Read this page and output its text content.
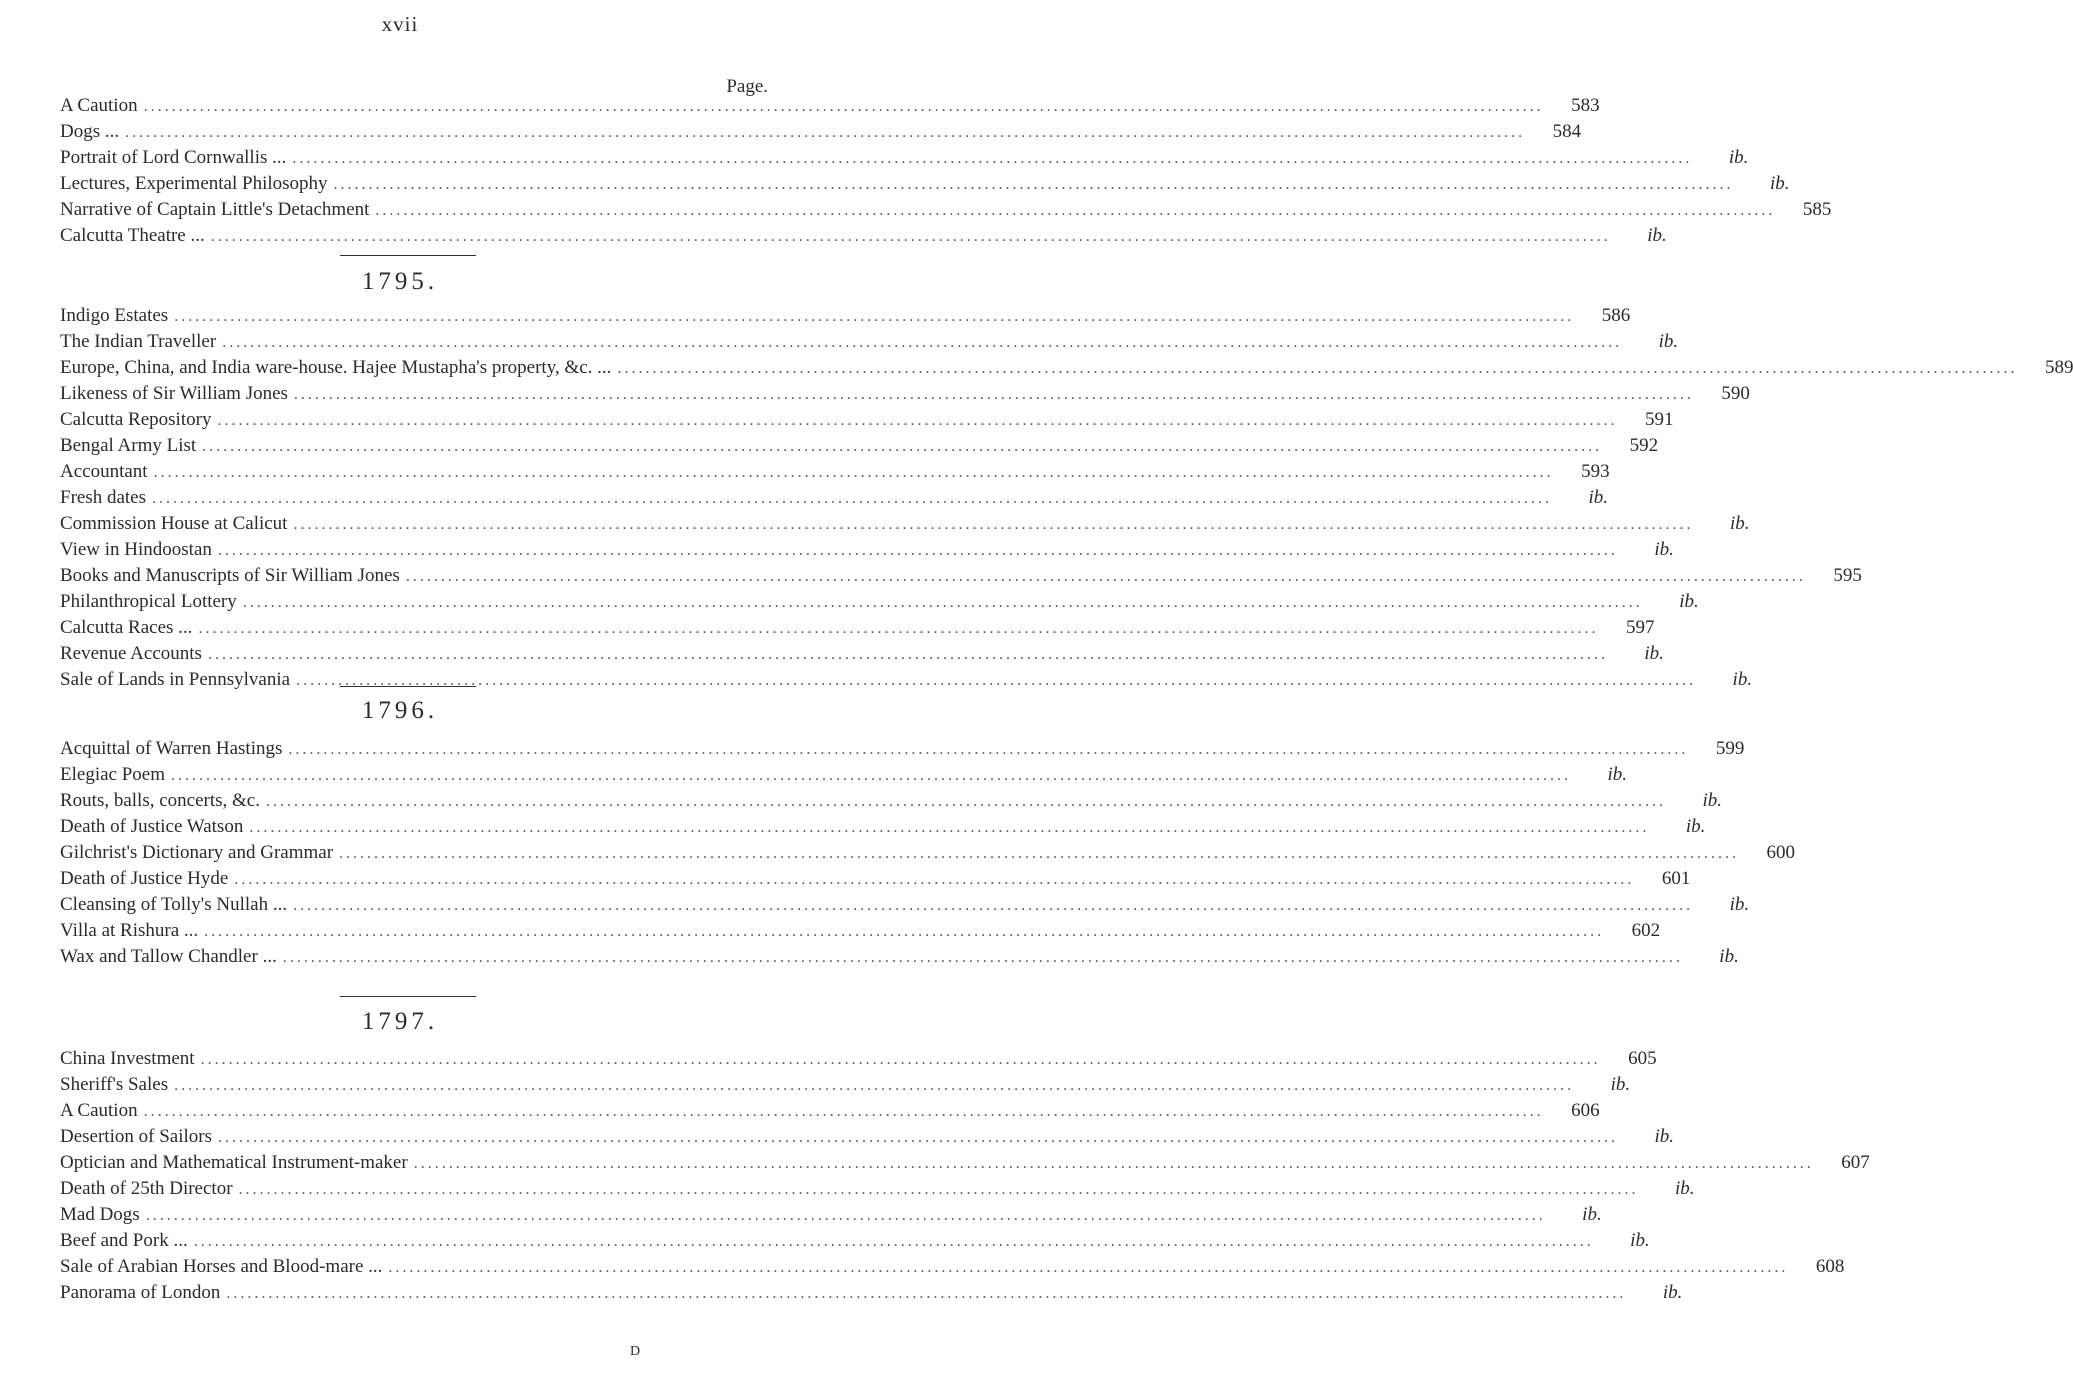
xvii
Page.
A Caution ........................................................................................................................................................................................................	583
Dogs ... ........................................................................................................................................................................................................	584
Portrait of Lord Cornwallis ... ........................................................................................................................................................................................................	ib.
Lectures, Experimental Philosophy ........................................................................................................................................................................................................	ib.
Narrative of Captain Little's Detachment ........................................................................................................................................................................................................	585
Calcutta Theatre ... ........................................................................................................................................................................................................	ib.
1795.
Indigo Estates ........................................................................................................................................................................................................	586
The Indian Traveller ........................................................................................................................................................................................................	ib.
Europe, China, and India ware-house. Hajee Mustapha's property, &c. ... ........................................................................................................................................................................................................	589
Likeness of Sir William Jones ........................................................................................................................................................................................................	590
Calcutta Repository ........................................................................................................................................................................................................	591
Bengal Army List ........................................................................................................................................................................................................	592
Accountant ........................................................................................................................................................................................................	593
Fresh dates ........................................................................................................................................................................................................	ib.
Commission House at Calicut ........................................................................................................................................................................................................	ib.
View in Hindoostan ........................................................................................................................................................................................................	ib.
Books and Manuscripts of Sir William Jones ........................................................................................................................................................................................................	595
Philanthropical Lottery ........................................................................................................................................................................................................	ib.
Calcutta Races ... ........................................................................................................................................................................................................	597
Revenue Accounts ........................................................................................................................................................................................................	ib.
Sale of Lands in Pennsylvania ........................................................................................................................................................................................................	ib.
1796.
Acquittal of Warren Hastings ........................................................................................................................................................................................................	599
Elegiac Poem ........................................................................................................................................................................................................	ib.
Routs, balls, concerts, &c. ........................................................................................................................................................................................................	ib.
Death of Justice Watson ........................................................................................................................................................................................................	ib.
Gilchrist's Dictionary and Grammar ........................................................................................................................................................................................................	600
Death of Justice Hyde ........................................................................................................................................................................................................	601
Cleansing of Tolly's Nullah ... ........................................................................................................................................................................................................	ib.
Villa at Rishura ... ........................................................................................................................................................................................................	602
Wax and Tallow Chandler ... ........................................................................................................................................................................................................	ib.
1797.
China Investment ........................................................................................................................................................................................................	605
Sheriff's Sales ........................................................................................................................................................................................................	ib.
A Caution ........................................................................................................................................................................................................	606
Desertion of Sailors ........................................................................................................................................................................................................	ib.
Optician and Mathematical Instrument-maker ........................................................................................................................................................................................................	607
Death of 25th Director ........................................................................................................................................................................................................	ib.
Mad Dogs ........................................................................................................................................................................................................	ib.
Beef and Pork ... ........................................................................................................................................................................................................	ib.
Sale of Arabian Horses and Blood-mare ... ........................................................................................................................................................................................................	608
Panorama of London ........................................................................................................................................................................................................	ib.
D
